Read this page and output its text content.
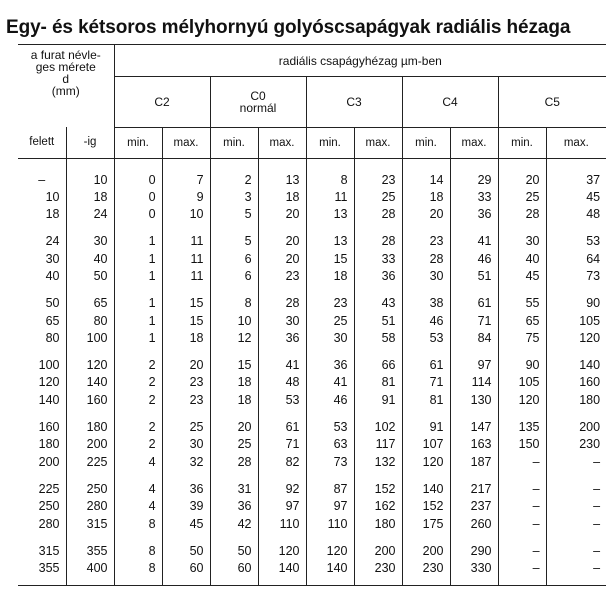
Egy- és kétsoros mélyhornyú golyóscsapágyak radiális hézaga
a furat névle-
ges mérete
d
(mm)		radiális csapágyhézag µm-ben									
		C2		C0
normál		C3		C4		C5	
felett	-ig	min.	max.	min.	max.	min.	max.	min.	max.	min.	max.

–	10	0	7	2	13	8	23	14	29	20	37
10	18	0	9	3	18	11	25	18	33	25	45
18	24	0	10	5	20	13	28	20	36	28	48

24	30	1	11	5	20	13	28	23	41	30	53
30	40	1	11	6	20	15	33	28	46	40	64
40	50	1	11	6	23	18	36	30	51	45	73

50	65	1	15	8	28	23	43	38	61	55	90
65	80	1	15	10	30	25	51	46	71	65	105
80	100	1	18	12	36	30	58	53	84	75	120

100	120	2	20	15	41	36	66	61	97	90	140
120	140	2	23	18	48	41	81	71	114	105	160
140	160	2	23	18	53	46	91	81	130	120	180

160	180	2	25	20	61	53	102	91	147	135	200
180	200	2	30	25	71	63	117	107	163	150	230
200	225	4	32	28	82	73	132	120	187	–	–

225	250	4	36	31	92	87	152	140	217	–	–
250	280	4	39	36	97	97	162	152	237	–	–
280	315	8	45	42	110	110	180	175	260	–	–

315	355	8	50	50	120	120	200	200	290	–	–
355	400	8	60	60	140	140	230	230	330	–	–
